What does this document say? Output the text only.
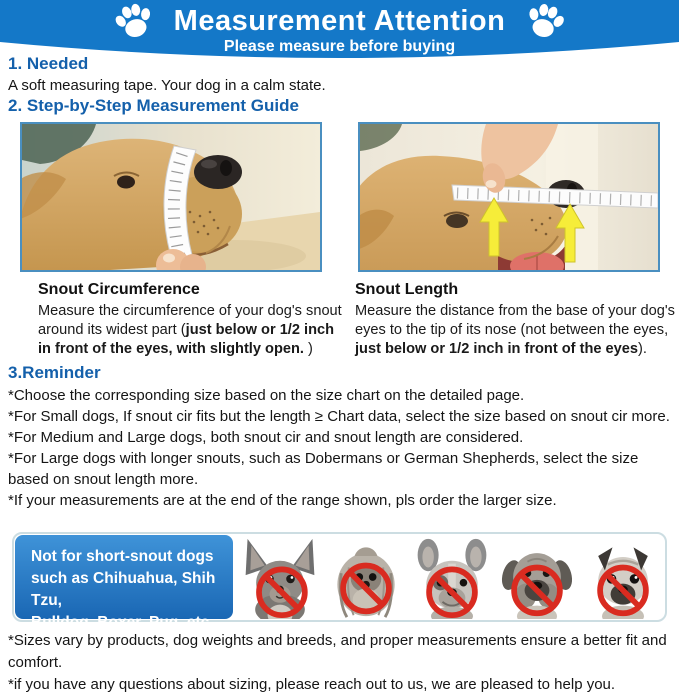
Measurement Attention
Please measure before buying
1. Needed
A soft measuring tape. Your dog in a calm state.
2. Step-by-Step Measurement Guide
Snout Circumference
Measure the circumference of your dog's snout around its widest part (just below or 1/2 inch in front of the eyes, with slightly open. )
Snout Length
Measure the distance from the base of your dog's eyes to the tip of its nose (not between the eyes, just below or 1/2 inch in front of the eyes).
3.Reminder
*Choose the corresponding size based on the size chart on the detailed page.
*For Small dogs, If snout cir fits but the length ≥ Chart data, select the size based on snout cir more.
*For Medium and Large dogs, both snout cir and snout length are considered.
*For Large dogs with longer snouts, such as Dobermans or German Shepherds, select the size based on snout length more.
*If your measurements are at the end of the range shown, pls order the larger size.
Not for short-snout dogs
such as Chihuahua, Shih Tzu,
Bulldog, Boxer, Pug, etc.
*Sizes vary by products, dog weights and breeds, and proper measurements ensure a better fit and comfort.
*if you have any questions about sizing, please reach out to us, we are pleased to help you.
